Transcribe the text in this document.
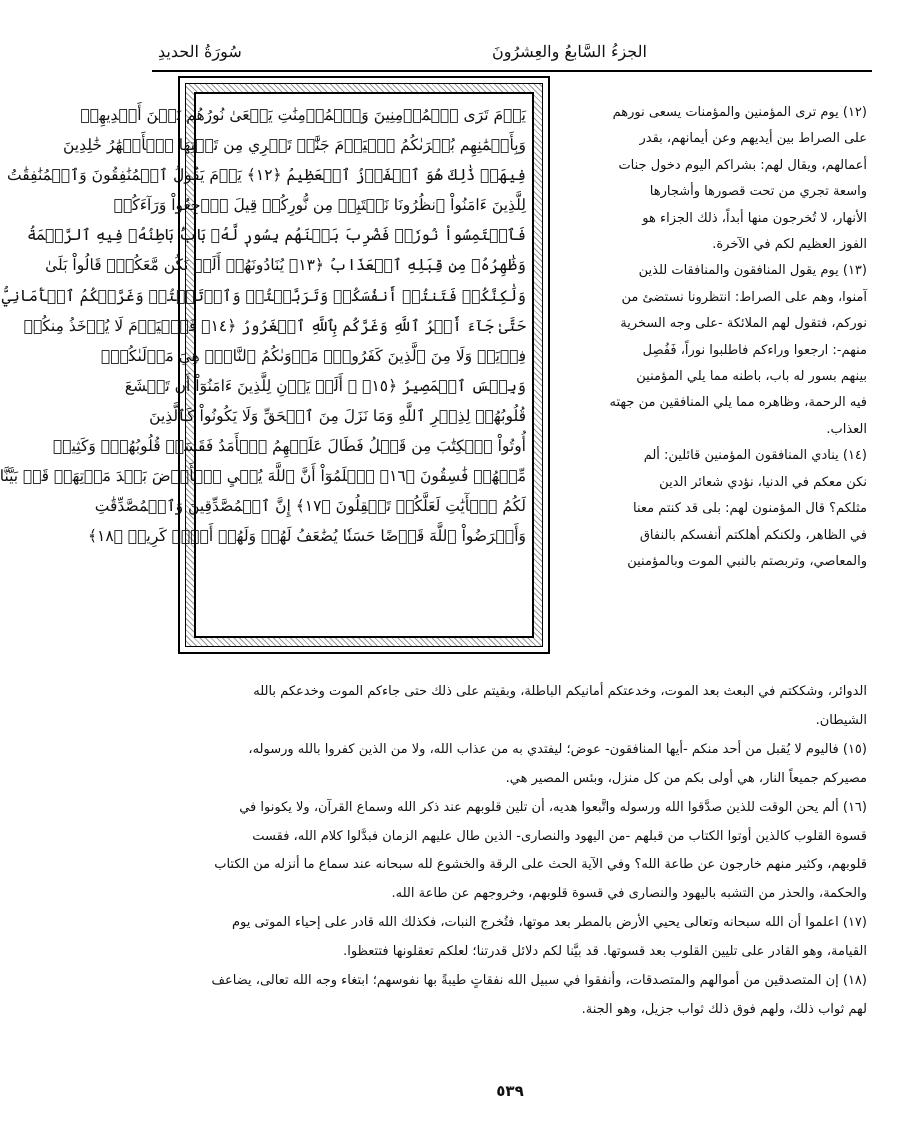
الجزءُ السَّابعُ والعِشرُونَ
سُورَةُ الحديدِ

يَوۡمَ تَرَى ٱلۡمُؤۡمِنِينَ وَٱلۡمُؤۡمِنَٰتِ يَسۡعَىٰ نُورُهُم بَيۡنَ أَيۡدِيهِمۡ

وَبِأَيۡمَٰنِهِم بُشۡرَىٰكُمُ ٱلۡيَوۡمَ جَنَّٰتٞ تَجۡرِي مِن تَحۡتِهَا ٱلۡأَنۡهَٰرُ خَٰلِدِينَ

فِيهَاۚ ذَٰلِكَ هُوَ ٱلۡفَوۡزُ ٱلۡعَظِيمُ ﴿١٢﴾ يَوۡمَ يَقُولُ ٱلۡمُنَٰفِقُونَ وَٱلۡمُنَٰفِقَٰتُ

لِلَّذِينَ ءَامَنُواْ ٱنظُرُونَا نَقۡتَبِسۡ مِن نُّورِكُمۡ قِيلَ ٱرۡجِعُواْ وَرَآءَكُمۡ

فَٱلۡتَمِسُواْ نُورٗاۖ فَضُرِبَ بَيۡنَهُم بِسُورٖ لَّهُۥ بَابُۢ بَاطِنُهُۥ فِيهِ ٱلرَّحۡمَةُ

وَظَٰهِرُهُۥ مِن قِبَلِهِ ٱلۡعَذَابُ ﴿١٣﴾ يُنَادُونَهُمۡ أَلَمۡ نَكُن مَّعَكُمۡۖ قَالُواْ بَلَىٰ

وَلَٰكِنَّكُمۡ فَتَنتُمۡ أَنفُسَكُمۡ وَتَرَبَّصۡتُمۡ وَٱرۡتَبۡتُمۡ وَغَرَّتۡكُمُ ٱلۡأَمَانِيُّ

حَتَّىٰ جَآءَ أَمۡرُ ٱللَّهِ وَغَرَّكُم بِٱللَّهِ ٱلۡغَرُورُ ﴿١٤﴾ فَٱلۡيَوۡمَ لَا يُؤۡخَذُ مِنكُمۡ

فِدۡيَةٞ وَلَا مِنَ ٱلَّذِينَ كَفَرُواْۚ مَأۡوَىٰكُمُ ٱلنَّارُۖ هِيَ مَوۡلَىٰكُمۡۖ

وَبِئۡسَ ٱلۡمَصِيرُ ﴿١٥﴾ ۞ أَلَمۡ يَأۡنِ لِلَّذِينَ ءَامَنُوٓاْ أَن تَخۡشَعَ

قُلُوبُهُمۡ لِذِكۡرِ ٱللَّهِ وَمَا نَزَلَ مِنَ ٱلۡحَقِّ وَلَا يَكُونُواْ كَٱلَّذِينَ

أُوتُواْ ٱلۡكِتَٰبَ مِن قَبۡلُ فَطَالَ عَلَيۡهِمُ ٱلۡأَمَدُ فَقَسَتۡ قُلُوبُهُمۡۖ وَكَثِيرٞ

مِّنۡهُمۡ فَٰسِقُونَ ﴿١٦﴾ ٱعۡلَمُوٓاْ أَنَّ ٱللَّهَ يُحۡيِ ٱلۡأَرۡضَ بَعۡدَ مَوۡتِهَاۚ قَدۡ بَيَّنَّا

لَكُمُ ٱلۡأٓيَٰتِ لَعَلَّكُمۡ تَعۡقِلُونَ ﴿١٧﴾ إِنَّ ٱلۡمُصَّدِّقِينَ وَٱلۡمُصَّدِّقَٰتِ

وَأَقۡرَضُواْ ٱللَّهَ قَرۡضًا حَسَنٗا يُضَٰعَفُ لَهُمۡ وَلَهُمۡ أَجۡرٞ كَرِيمٞ ﴿١٨﴾

(١٢) يوم ترى المؤمنين والمؤمنات يسعى نورهم

على الصراط بين أيديهم وعن أيمانهم، بقدر

أعمالهم، ويقال لهم: بشراكم اليوم دخول جنات

واسعة تجري من تحت قصورها وأشجارها

الأنهار، لا تُخرجون منها أبداً، ذلك الجزاء هو

الفوز العظيم لكم في الآخرة.

(١٣) يوم يقول المنافقون والمنافقات للذين

آمنوا، وهم على الصراط: انتظرونا نستضئ من

نوركم، فتقول لهم الملائكة -على وجه السخرية

منهم-: ارجعوا وراءكم فاطلبوا نوراً، فَفُصِل

بينهم بسور له باب، باطنه مما يلي المؤمنين

فيه الرحمة، وظاهره مما يلي المنافقين من جهته

العذاب.

(١٤) ينادي المنافقون المؤمنين قائلين: ألم

نكن معكم في الدنيا، نؤدي شعائر الدين

مثلكم؟ قال المؤمنون لهم: بلى قد كنتم معنا

في الظاهر، ولكنكم أهلكتم أنفسكم بالنفاق

والمعاصي، وتربصتم بالنبي الموت وبالمؤمنين

الدوائر، وشككتم في البعث بعد الموت، وخدعتكم أمانيكم الباطلة، وبقيتم على ذلك حتى جاءكم الموت وخدعكم بالله

الشيطان.

(١٥) فاليوم لا يُقبل من أحد منكم -أيها المنافقون- عوض؛ ليفتدي به من عذاب الله، ولا من الذين كفروا بالله ورسوله،

مصيركم جميعاً النار، هي أولى بكم من كل منزل، وبئس المصير هي.

(١٦) ألم يحن الوقت للذين صدَّقوا الله ورسوله واتَّبعوا هديه، أن تلين قلوبهم عند ذكر الله وسماع القرآن، ولا يكونوا في

قسوة القلوب كالذين أوتوا الكتاب من قبلهم -من اليهود والنصارى- الذين طال عليهم الزمان فبدَّلوا كلام الله، فقست

قلوبهم، وكثير منهم خارجون عن طاعة الله؟ وفي الآية الحث على الرقة والخشوع لله سبحانه عند سماع ما أنزله من الكتاب

والحكمة، والحذر من التشبه باليهود والنصارى في قسوة قلوبهم، وخروجهم عن طاعة الله.

(١٧) اعلموا أن الله سبحانه وتعالى يحيي الأرض بالمطر بعد موتها، فتُخرج النبات، فكذلك الله قادر على إحياء الموتى يوم

القيامة، وهو القادر على تليين القلوب بعد قسوتها. قد بيَّنا لكم دلائل قدرتنا؛ لعلكم تعقلونها فتتعظوا.

(١٨) إن المتصدقين من أموالهم والمتصدقات، وأنفقوا في سبيل الله نفقاتٍ طيبةً بها نفوسهم؛ ابتغاء وجه الله تعالى، يضاعف

لهم ثواب ذلك، ولهم فوق ذلك ثواب جزيل، وهو الجنة.

٥٣٩
